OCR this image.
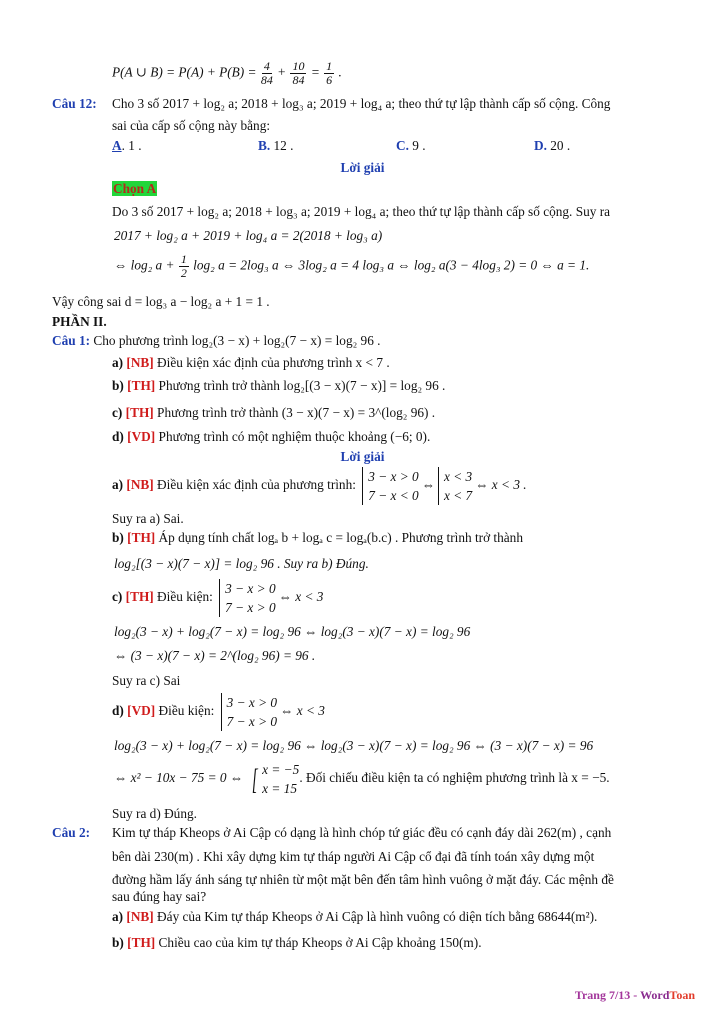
P(A ∪ $B) = P(A) + P(B) = \frac{4}{84} + \frac{10}{84} = \frac{1}{6}$ .
Câu 12: Cho 3 số 2017 + log₂ a; 2018 + log₃ a; 2019 + log₄ a; theo thứ tự lập thành cấp số cộng. Công
sai của cấp số cộng này bằng:
A. 1 .	B. 12 .	C. 9 .	D. 20 .
Lời giải
Chọn A
Do 3 số 2017 + log₂ a; 2018 + log₃ a; 2019 + log₄ a; theo thứ tự lập thành cấp số cộng. Suy ra
2017 + log₂ a + 2019 + log₄ a = 2(2018 + log₃ a)
⇔ log₂ $a + \frac{1}{2} \log_2$ a = 2log₃ a ⇔ 3log₂ a = 4 log₃ a ⇔ log₂ a(3 − 4log₃ 2) = 0 ⇔ a = 1.
Vậy công sai d = log₃ a − log₂ a + 1 = 1 .
PHẦN II.
Câu 1: Cho phương trình log₂(3 − x) + log₂(7 − x) = log₂ 96 .
a) [NB] Điều kiện xác định của phương trình x < 7 .
b) [TH] Phương trình trở thành log₂[(3 − x)(7 − x)] = log₂ 96 .
c) [TH] Phương trình trở thành (3 − x)(7 − x) = 3^(log₂ 96) .
d) [VD] Phương trình có một nghiệm thuộc khoảng (−6; 0).
Lời giải
a) [NB] Điều kiện xác định của phương trình: 3 − x > 0
7 − x < 0⇔x < 3
x < 7⇔ x < 3 .
Suy ra a) Sai.
b) [TH] Áp dụng tính chất logₐ b + logₐ c = logₐ(b.c) . Phương trình trở thành
log₂[(3 − x)(7 − x)] = log₂ 96 . Suy ra b) Đúng.
c) [TH] Điều kiện: 3 − x > 0
7 − x > 0⇔ x < 3
log₂(3 − x) + log₂(7 − x) = log₂ 96 ⇔ log₂(3 − x)(7 − x) = log₂ 96
⇔ (3 − x)(7 − x) = 2^(log₂ 96) = 96 .
Suy ra c) Sai
d) [VD] Điều kiện: 3 − x > 0
7 − x > 0⇔ x < 3
log₂(3 − x) + log₂(7 − x) = log₂ 96 ⇔ log₂(3 − x)(7 − x) = log₂ 96 ⇔ (3 − x)(7 − x) = 96
⇔ x² − 10x − 75 = 0 ⇔ [ x = −5
x = 15. Đối chiếu điều kiện ta có nghiệm phương trình là x = −5.
Suy ra d) Đúng.
Câu 2: Kim tự tháp Kheops ở Ai Cập có dạng là hình chóp tứ giác đều có cạnh đáy dài 262(m) , cạnh
bên dài 230(m) . Khi xây dựng kim tự tháp người Ai Cập cổ đại đã tính toán xây dựng một
đường hầm lấy ánh sáng tự nhiên từ một mặt bên đến tâm hình vuông ở mặt đáy. Các mệnh đề
sau đúng hay sai?
a) [NB] Đáy của Kim tự tháp Kheops ở Ai Cập là hình vuông có diện tích bằng 68644(m²).
b) [TH] Chiều cao của kim tự tháp Kheops ở Ai Cập khoảng 150(m).
Trang 7/13 - WordToan
